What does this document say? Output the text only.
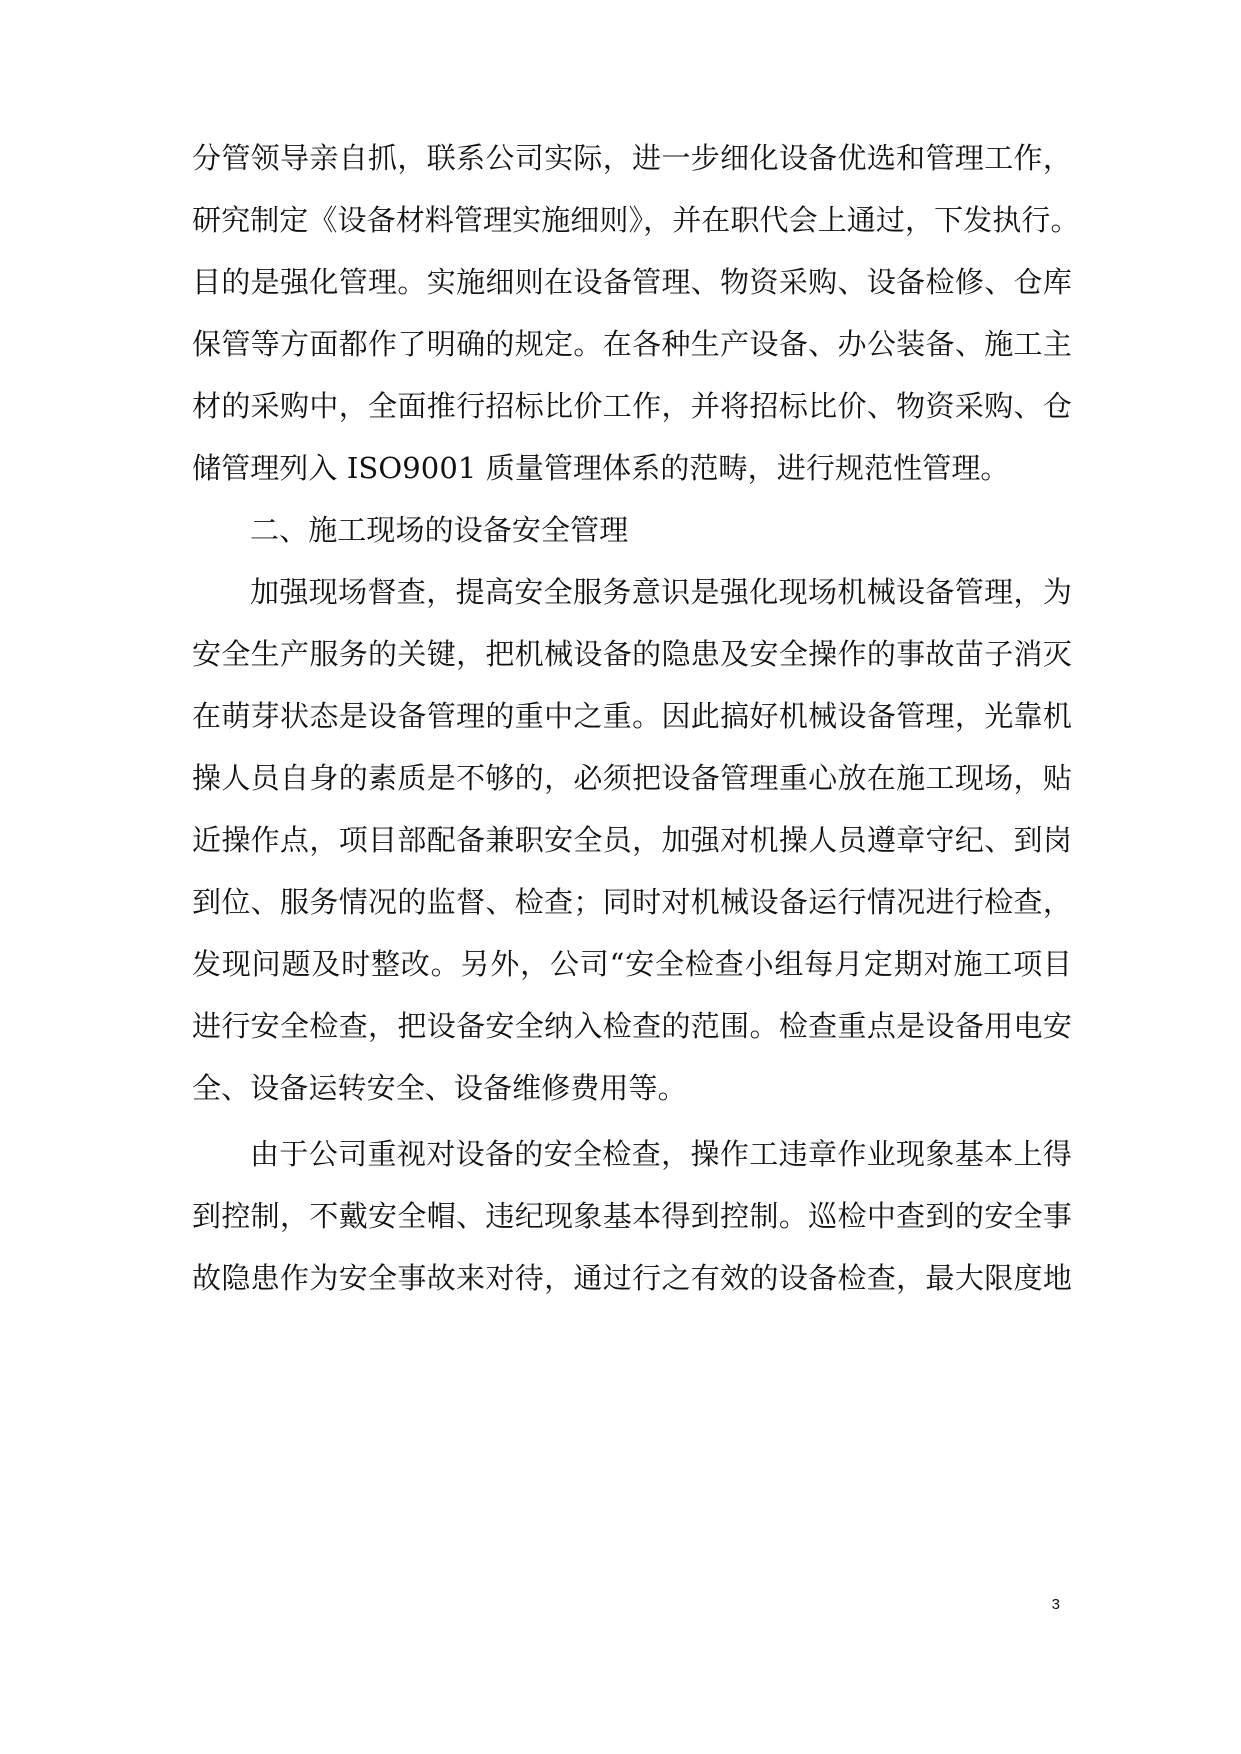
分管领导亲自抓，联系公司实际，进一步细化设备优选和管理工作，
研究制定《设备材料管理实施细则》，并在职代会上通过，下发执行。
目的是强化管理。实施细则在设备管理、物资采购、设备检修、仓库
保管等方面都作了明确的规定。在各种生产设备、办公装备、施工主
材的采购中，全面推行招标比价工作，并将招标比价、物资采购、仓
储管理列入 ISO9001 质量管理体系的范畴，进行规范性管理。
二、施工现场的设备安全管理
加强现场督查，提高安全服务意识是强化现场机械设备管理，为
安全生产服务的关键，把机械设备的隐患及安全操作的事故苗子消灭
在萌芽状态是设备管理的重中之重。因此搞好机械设备管理，光靠机
操人员自身的素质是不够的，必须把设备管理重心放在施工现场，贴
近操作点，项目部配备兼职安全员，加强对机操人员遵章守纪、到岗
到位、服务情况的监督、检查；同时对机械设备运行情况进行检查，
发现问题及时整改。另外，公司“安全检查小组每月定期对施工项目
进行安全检查，把设备安全纳入检查的范围。检查重点是设备用电安
全、设备运转安全、设备维修费用等。
由于公司重视对设备的安全检查，操作工违章作业现象基本上得
到控制，不戴安全帽、违纪现象基本得到控制。巡检中查到的安全事
故隐患作为安全事故来对待，通过行之有效的设备检查，最大限度地
3
